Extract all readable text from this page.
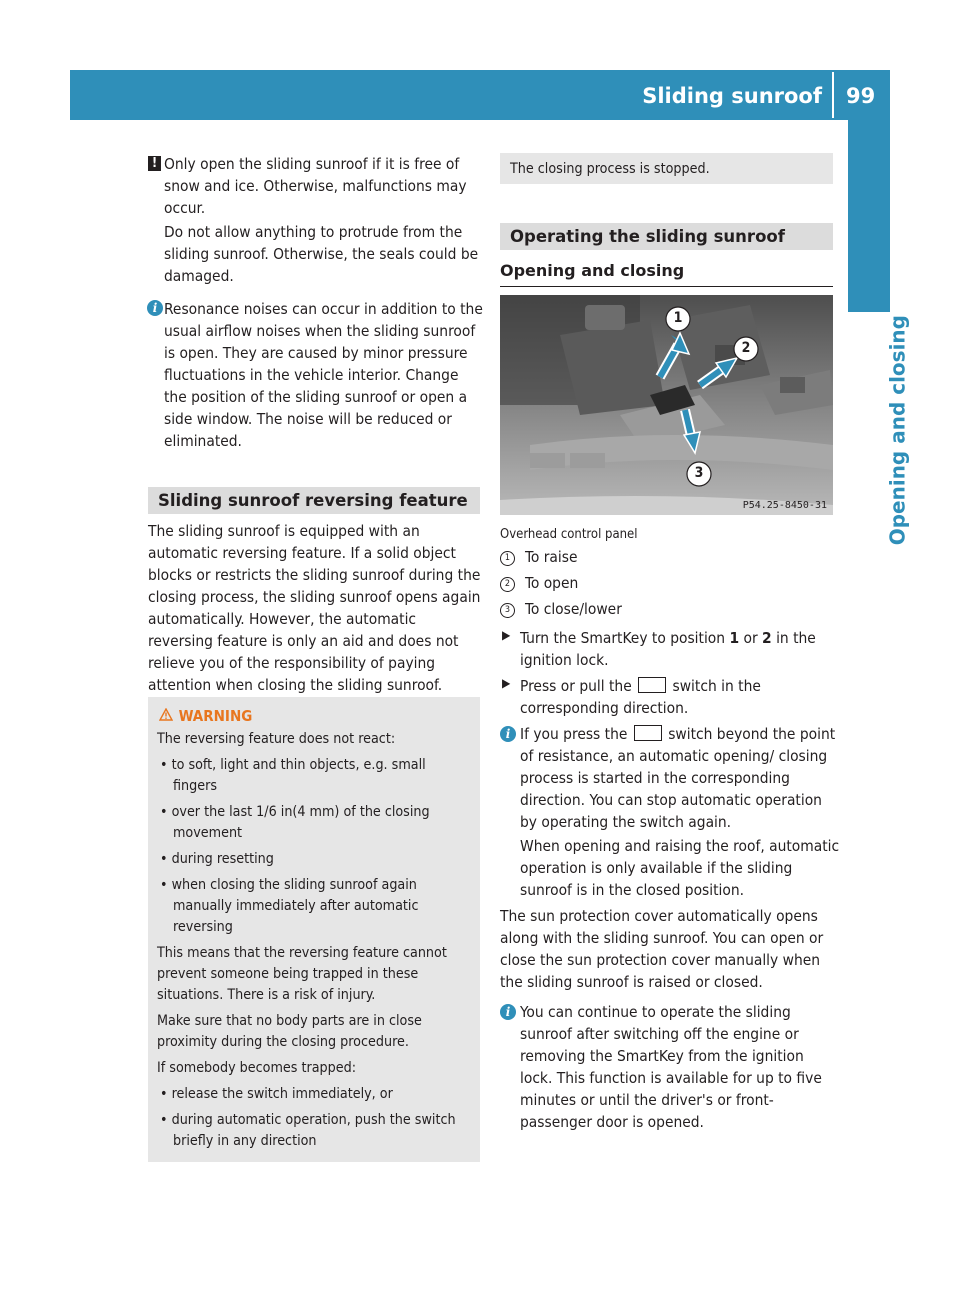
Sliding sunroof 99
Opening and closing
! Only open the sliding sunroof if it is free of snow and ice. Otherwise, malfunctions may occur.

Do not allow anything to protrude from the sliding sunroof. Otherwise, the seals could be damaged.

i Resonance noises can occur in addition to the usual airflow noises when the sliding sunroof is open. They are caused by minor pressure fluctuations in the vehicle interior. Change the position of the sliding sunroof or open a side window. The noise will be reduced or eliminated.

Sliding sunroof reversing feature

The sliding sunroof is equipped with an automatic reversing feature. If a solid object blocks or restricts the sliding sunroof during the closing process, the sliding sunroof opens again automatically. However, the automatic reversing feature is only an aid and does not relieve you of the responsibility of paying attention when closing the sliding sunroof.

WARNING

The reversing feature does not react:

• to soft, light and thin objects, e.g. small fingers

• over the last 1/6 in(4 mm) of the closing movement

• during resetting

• when closing the sliding sunroof again manually immediately after automatic reversing

This means that the reversing feature cannot prevent someone being trapped in these situations. There is a risk of injury.

Make sure that no body parts are in close proximity during the closing procedure.

If somebody becomes trapped:

• release the switch immediately, or

• during automatic operation, push the switch briefly in any direction

The closing process is stopped.

Operating the sliding sunroof
Opening and closing
1
2
3
P54.25-8450-31
Overhead control panel

1 To raise

2 To open

3 To close/lower

▶ Turn the SmartKey to position 1 or 2 in the ignition lock.

▶ Press or pull the  switch in the corresponding direction.

i If you press the  switch beyond the point of resistance, an automatic opening/ closing process is started in the corresponding direction. You can stop automatic operation by operating the switch again.

When opening and raising the roof, automatic operation is only available if the sliding sunroof is in the closed position.

The sun protection cover automatically opens along with the sliding sunroof. You can open or close the sun protection cover manually when the sliding sunroof is raised or closed.

i You can continue to operate the sliding sunroof after switching off the engine or removing the SmartKey from the ignition lock. This function is available for up to five minutes or until the driver's or front-passenger door is opened.
